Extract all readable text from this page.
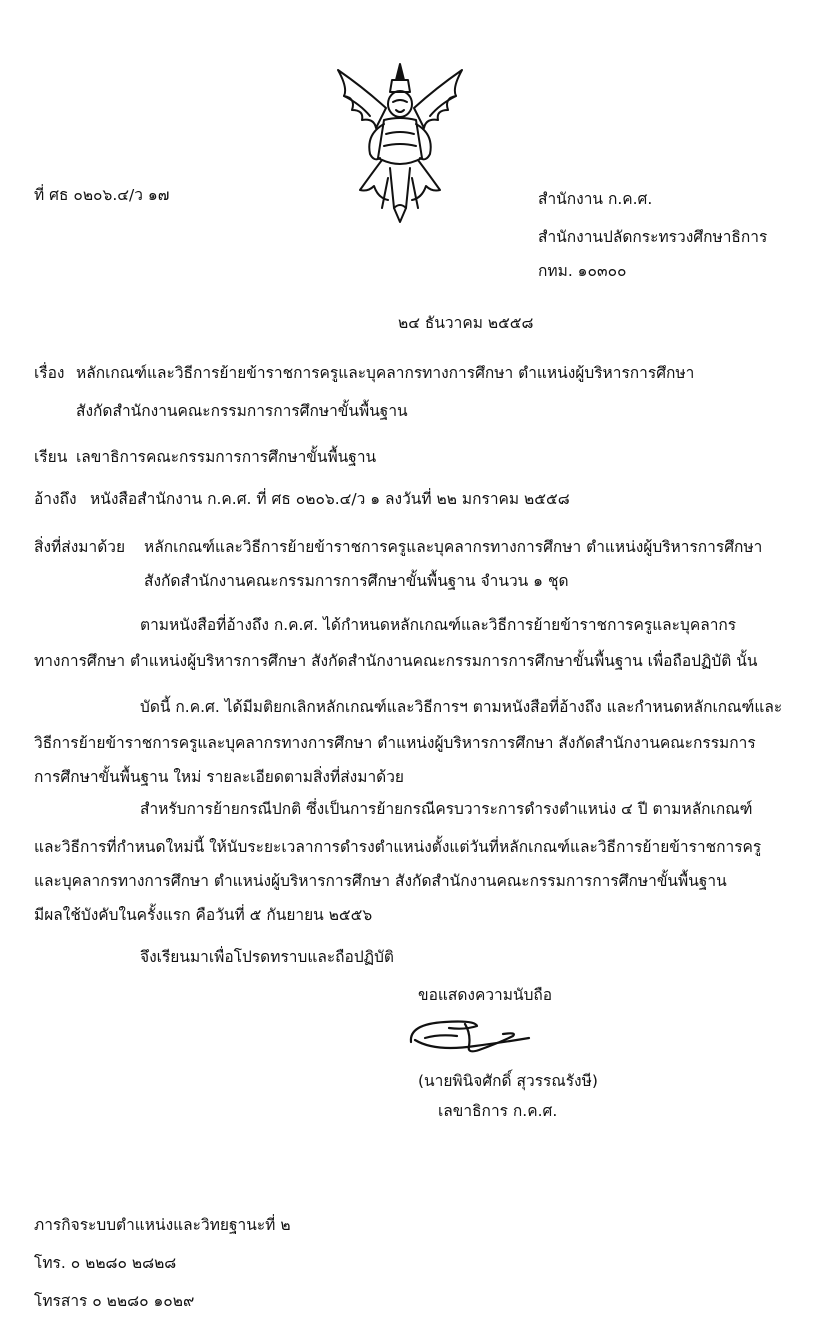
ที่ ศธ ๐๒๐๖.๔/ว ๑๗	สำนักงาน ก.ค.ศ.
สำนักงานปลัดกระทรวงศึกษาธิการ
กทม. ๑๐๓๐๐
๒๔ ธันวาคม ๒๕๕๘
เรื่อง หลักเกณฑ์และวิธีการย้ายข้าราชการครูและบุคลากรทางการศึกษา ตำแหน่งผู้บริหารการศึกษา
สังกัดสำนักงานคณะกรรมการการศึกษาขั้นพื้นฐาน
เรียน เลขาธิการคณะกรรมการการศึกษาขั้นพื้นฐาน
อ้างถึง หนังสือสำนักงาน ก.ค.ศ. ที่ ศธ ๐๒๐๖.๔/ว ๑ ลงวันที่ ๒๒ มกราคม ๒๕๕๘
สิ่งที่ส่งมาด้วย หลักเกณฑ์และวิธีการย้ายข้าราชการครูและบุคลากรทางการศึกษา ตำแหน่งผู้บริหารการศึกษา
สังกัดสำนักงานคณะกรรมการการศึกษาขั้นพื้นฐาน จำนวน ๑ ชุด
ตามหนังสือที่อ้างถึง ก.ค.ศ. ได้กำหนดหลักเกณฑ์และวิธีการย้ายข้าราชการครูและบุคลากร
ทางการศึกษา ตำแหน่งผู้บริหารการศึกษา สังกัดสำนักงานคณะกรรมการการศึกษาขั้นพื้นฐาน เพื่อถือปฏิบัติ นั้น
บัดนี้ ก.ค.ศ. ได้มีมติยกเลิกหลักเกณฑ์และวิธีการฯ ตามหนังสือที่อ้างถึง และกำหนดหลักเกณฑ์และ
วิธีการย้ายข้าราชการครูและบุคลากรทางการศึกษา ตำแหน่งผู้บริหารการศึกษา สังกัดสำนักงานคณะกรรมการ
การศึกษาขั้นพื้นฐาน ใหม่ รายละเอียดตามสิ่งที่ส่งมาด้วย
สำหรับการย้ายกรณีปกติ ซึ่งเป็นการย้ายกรณีครบวาระการดำรงตำแหน่ง ๔ ปี ตามหลักเกณฑ์
และวิธีการที่กำหนดใหม่นี้ ให้นับระยะเวลาการดำรงตำแหน่งตั้งแต่วันที่หลักเกณฑ์และวิธีการย้ายข้าราชการครู
และบุคลากรทางการศึกษา ตำแหน่งผู้บริหารการศึกษา สังกัดสำนักงานคณะกรรมการการศึกษาขั้นพื้นฐาน
มีผลใช้บังคับในครั้งแรก คือวันที่ ๕ กันยายน ๒๕๕๖
จึงเรียนมาเพื่อโปรดทราบและถือปฏิบัติ
ขอแสดงความนับถือ
(นายพินิจศักดิ์ สุวรรณรังษี)
เลขาธิการ ก.ค.ศ.
ภารกิจระบบตำแหน่งและวิทยฐานะที่ ๒
โทร. ๐ ๒๒๘๐ ๒๘๒๘
โทรสาร ๐ ๒๒๘๐ ๑๐๒๙
